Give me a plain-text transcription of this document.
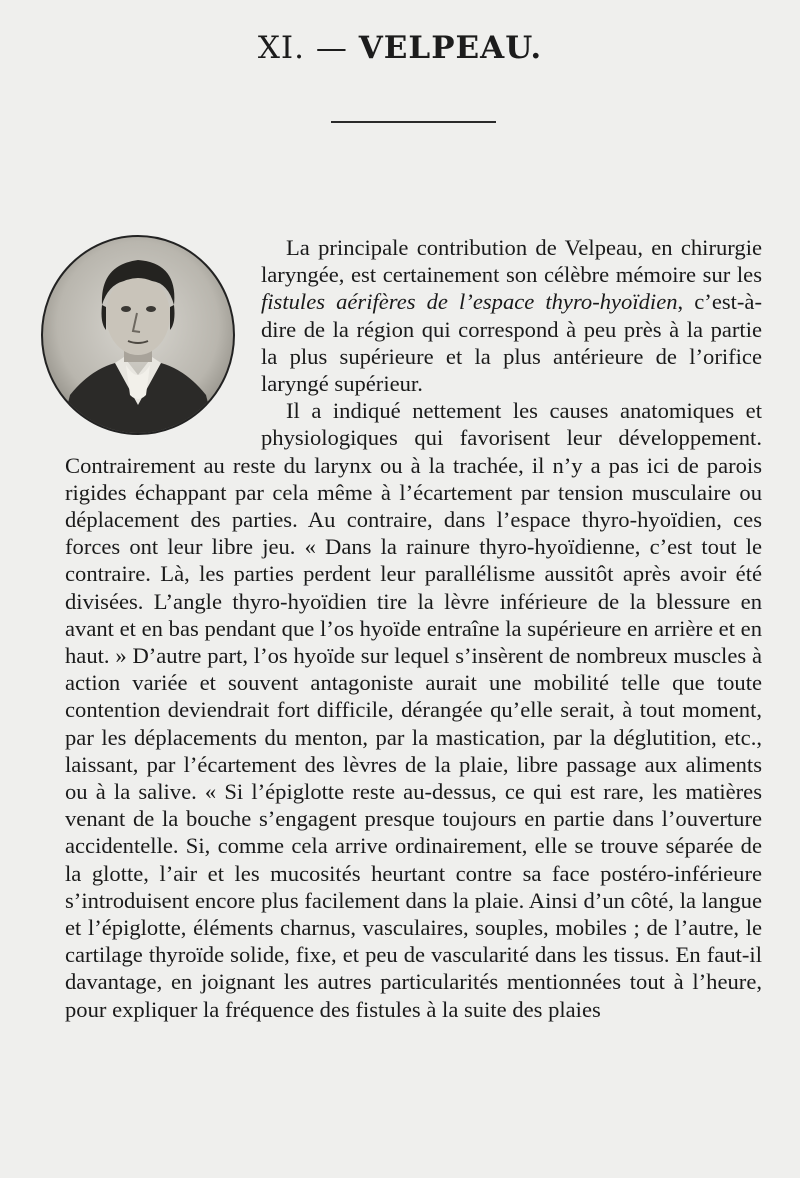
XI. — VELPEAU.

La principale contribution de Velpeau, en chirurgie laryngée, est certainement son célèbre mémoire sur les fistules aérifères de l’espace thyro-hyoïdien, c’est-à-dire de la région qui correspond à peu près à la partie la plus supérieure et la plus antérieure de l’orifice laryngé supérieur.

Il a indiqué nettement les causes anatomiques et physiologiques qui favorisent leur développement. Contrairement au reste du larynx ou à la trachée, il n’y a pas ici de parois rigides échappant par cela même à l’écartement par tension musculaire ou déplacement des parties. Au contraire, dans l’espace thyro-hyoïdien, ces forces ont leur libre jeu. « Dans la rainure thyro-hyoïdienne, c’est tout le contraire. Là, les parties perdent leur parallélisme aussitôt après avoir été divisées. L’angle thyro-hyoïdien tire la lèvre inférieure de la blessure en avant et en bas pendant que l’os hyoïde entraîne la supérieure en arrière et en haut. » D’autre part, l’os hyoïde sur lequel s’insèrent de nombreux muscles à action variée et souvent antagoniste aurait une mobilité telle que toute contention deviendrait fort difficile, dérangée qu’elle serait, à tout moment, par les déplacements du menton, par la mastication, par la déglutition, etc., laissant, par l’écartement des lèvres de la plaie, libre passage aux aliments ou à la salive. « Si l’épiglotte reste au-dessus, ce qui est rare, les matières venant de la bouche s’engagent presque toujours en partie dans l’ouverture accidentelle. Si, comme cela arrive ordinairement, elle se trouve séparée de la glotte, l’air et les mucosités heurtant contre sa face postéro-inférieure s’introduisent encore plus facilement dans la plaie. Ainsi d’un côté, la langue et l’épiglotte, éléments charnus, vasculaires, souples, mobiles ; de l’autre, le cartilage thyroïde solide, fixe, et peu de vascularité dans les tissus. En faut-il davantage, en joignant les autres particularités mentionnées tout à l’heure, pour expliquer la fréquence des fistules à la suite des plaies
